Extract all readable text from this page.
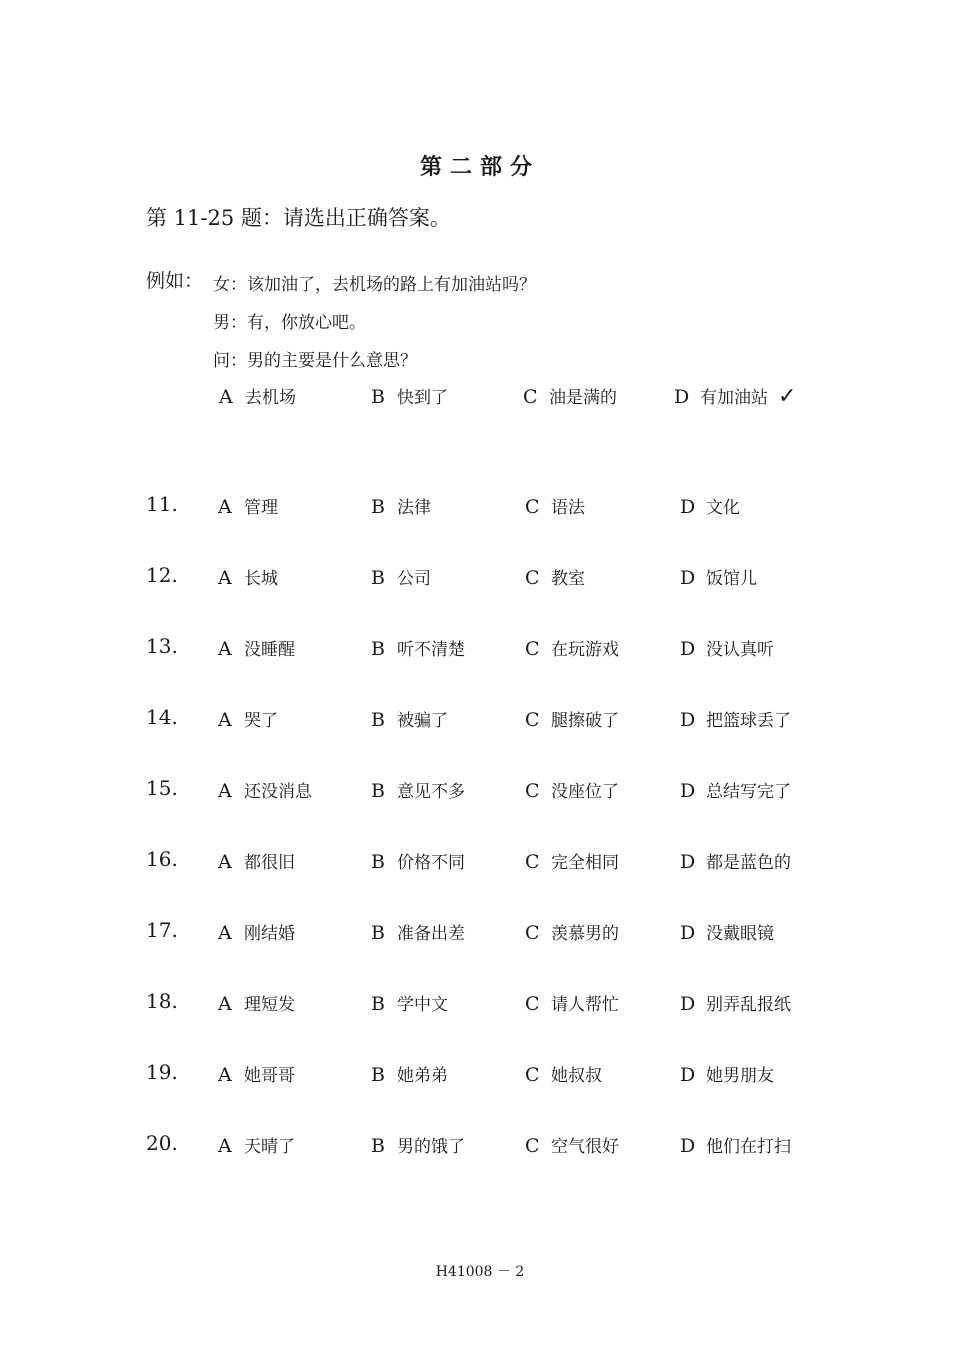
第二部分
第 11-25 题：请选出正确答案。
例如： 女：该加油了，去机场的路上有加油站吗？
男：有，你放心吧。
问：男的主要是什么意思？
A 去机场	B 快到了	C 油是满的	D 有加油站 ✓
11. A 管理	B 法律	C 语法	D 文化
12. A 长城	B 公司	C 教室	D 饭馆儿
13. A 没睡醒	B 听不清楚	C 在玩游戏	D 没认真听
14. A 哭了	B 被骗了	C 腿擦破了	D 把篮球丢了
15. A 还没消息	B 意见不多	C 没座位了	D 总结写完了
16. A 都很旧	B 价格不同	C 完全相同	D 都是蓝色的
17. A 刚结婚	B 准备出差	C 羡慕男的	D 没戴眼镜
18. A 理短发	B 学中文	C 请人帮忙	D 别弄乱报纸
19. A 她哥哥	B 她弟弟	C 她叔叔	D 她男朋友
20. A 天晴了	B 男的饿了	C 空气很好	D 他们在打扫
H41008 － 2
